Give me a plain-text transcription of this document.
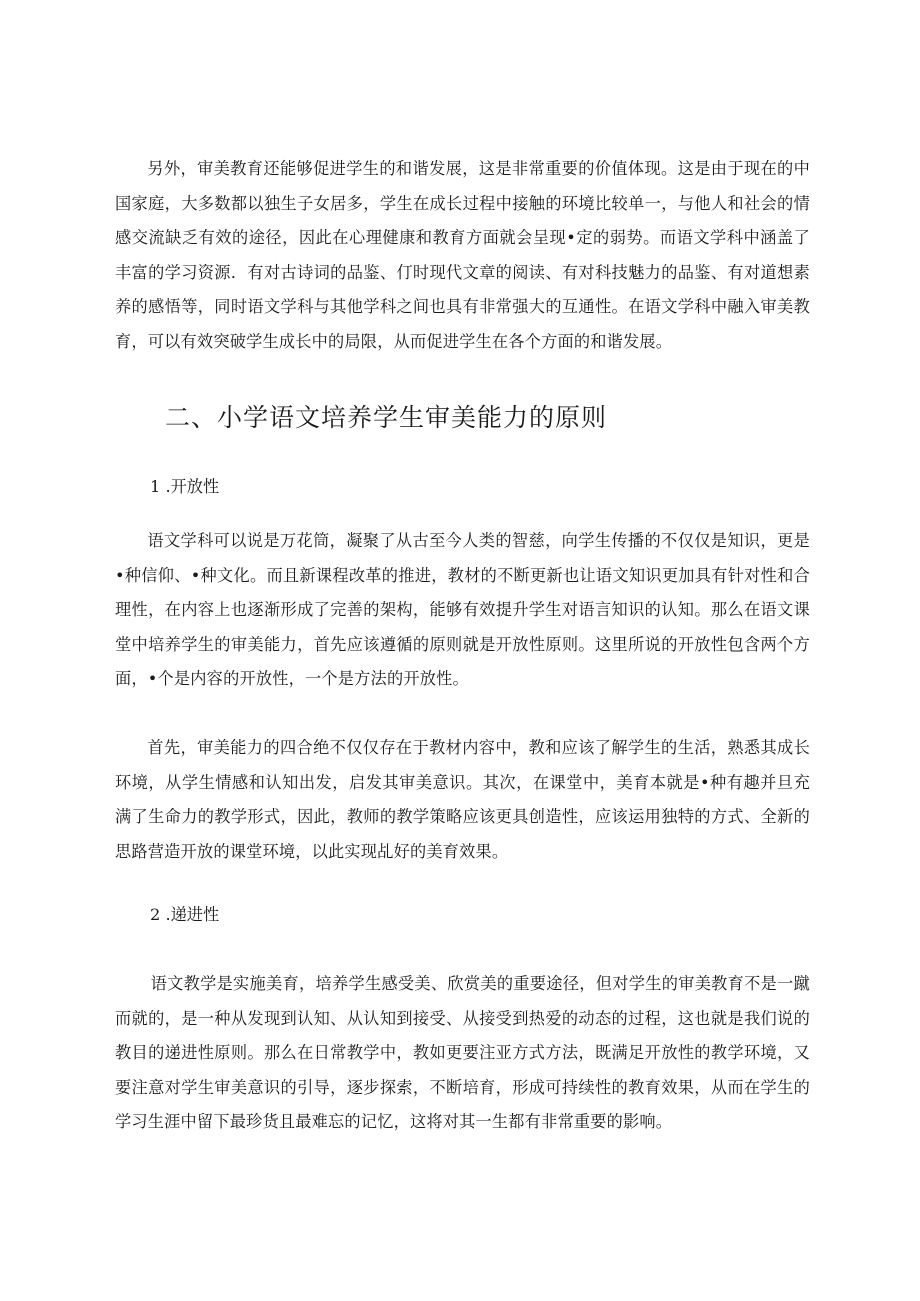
另外，审美教育还能够促进学生的和谐发展，这是非常重要的价值体现。这是由于现在的中国家庭，大多数都以独生子女居多，学生在成长过程中接触的环境比较单一，与他人和社会的情感交流缺乏有效的途径，因此在心理健康和教育方面就会呈现•定的弱势。而语文学科中涵盖了丰富的学习资源．有对古诗词的品鉴、仃时现代文章的阅读、有对科技魅力的品鉴、有对道想素养的感悟等，同时语文学科与其他学科之间也具有非常强大的互通性。在语文学科中融入审美教育，可以有效突破学生成长中的局限，从而促进学生在各个方面的和谐发展。

二、小学语文培养学生审美能力的原则
1 .开放性

语文学科可以说是万花筒，凝聚了从古至今人类的智慈，向学生传播的不仅仅是知识，更是•种信仰、•种文化。而且新课程改革的推进，教材的不断更新也让语文知识更加具有针对性和合理性，在内容上也逐渐形成了完善的架构，能够有效提升学生对语言知识的认知。那么在语文课堂中培养学生的审美能力，首先应该遵循的原则就是开放性原则。这里所说的开放性包含两个方面，•个是内容的开放性，一个是方法的开放性。

首先，审美能力的四合绝不仅仅存在于教材内容中，教和应该了解学生的生活，熟悉其成长环境，从学生情感和认知出发，启发其审美意识。其次，在课堂中，美育本就是•种有趣并旦充满了生命力的教学形式，因此，教师的教学策略应该更具创造性，应该运用独特的方式、全新的思路营造开放的课堂环境，以此实现乩好的美育效果。

2 .递进性

语文教学是实施美育，培养学生感受美、欣赏美的重要途径，但对学生的审美教育不是一蹴而就的，是一种从发现到认知、从认知到接受、从接受到热爱的动态的过程，这也就是我们说的教目的递进性原则。那么在日常教学中，教如更要注亚方式方法，既满足开放性的教学环境，又要注意对学生审美意识的引导，逐步探索，不断培育，形成可持续性的教育效果，从而在学生的学习生涯中留下最珍货且最难忘的记忆，这将对其一生都有非常重要的影响。
